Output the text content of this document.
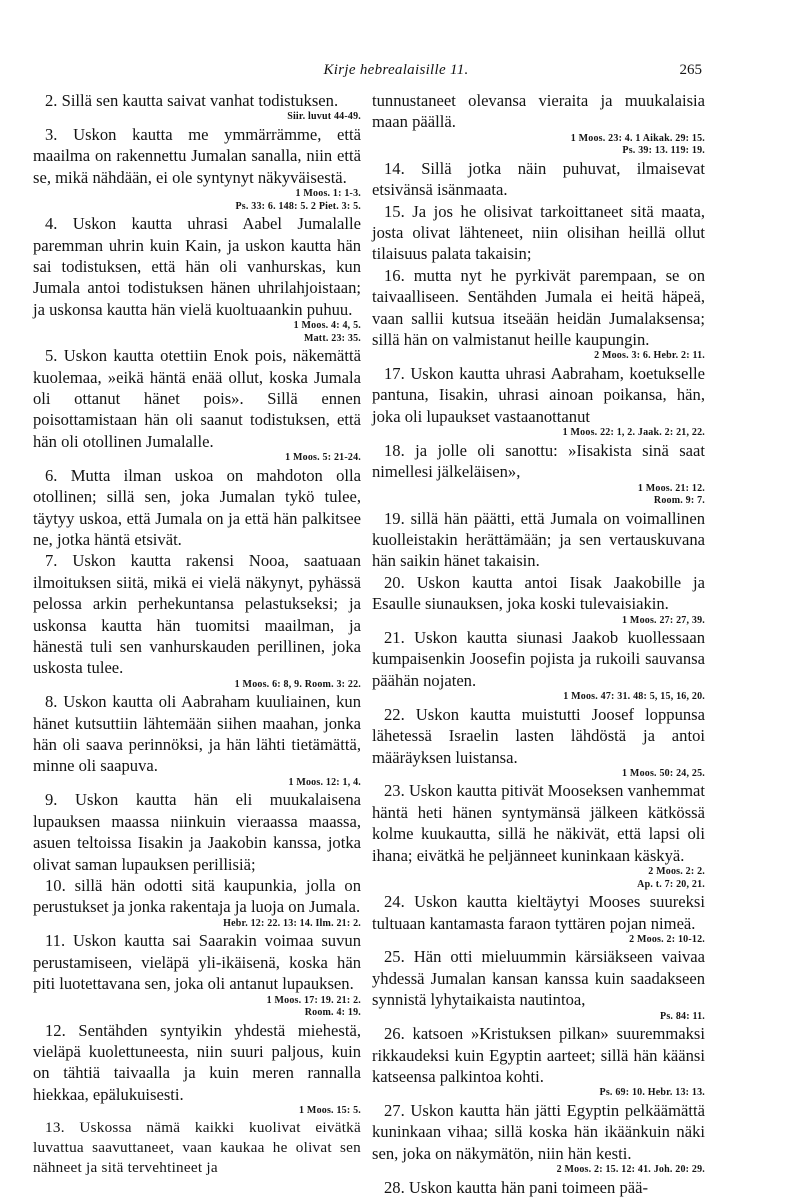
Kirje hebrealaisille 11.	265

2. Sillä sen kautta saivat vanhat todistuksen.
Siir. luvut 44-49.

3. Uskon kautta me ymmärrämme, että maailma on rakennettu Jumalan sanalla, niin että se, mikä nähdään, ei ole syntynyt näkyväisestä.
1 Moos. 1: 1-3.
Ps. 33: 6. 148: 5. 2 Piet. 3: 5.

4. Uskon kautta uhrasi Aabel Jumalalle paremman uhrin kuin Kain, ja uskon kautta hän sai todistuksen, että hän oli vanhurskas, kun Jumala antoi todistuksen hänen uhrilahjoistaan; ja uskonsa kautta hän vielä kuoltuaankin puhuu.
1 Moos. 4: 4, 5.
Matt. 23: 35.

5. Uskon kautta otettiin Enok pois, näkemättä kuolemaa, »eikä häntä enää ollut, koska Jumala oli ottanut hänet pois». Sillä ennen poisottamistaan hän oli saanut todistuksen, että hän oli otollinen Jumalalle.
1 Moos. 5: 21-24.

6. Mutta ilman uskoa on mahdoton olla otollinen; sillä sen, joka Jumalan tykö tulee, täytyy uskoa, että Jumala on ja että hän palkitsee ne, jotka häntä etsivät.

7. Uskon kautta rakensi Nooa, saatuaan ilmoituksen siitä, mikä ei vielä näkynyt, pyhässä pelossa arkin perhekuntansa pelastukseksi; ja uskonsa kautta hän tuomitsi maailman, ja hänestä tuli sen vanhurskauden perillinen, joka uskosta tulee.
1 Moos. 6: 8, 9. Room. 3: 22.

8. Uskon kautta oli Aabraham kuuliainen, kun hänet kutsuttiin lähtemään siihen maahan, jonka hän oli saava perinnöksi, ja hän lähti tietämättä, minne oli saapuva.
1 Moos. 12: 1, 4.

9. Uskon kautta hän eli muukalaisena lupauksen maassa niinkuin vieraassa maassa, asuen teltoissa Iisakin ja Jaakobin kanssa, jotka olivat saman lupauksen perillisiä;

10. sillä hän odotti sitä kaupunkia, jolla on perustukset ja jonka rakentaja ja luoja on Jumala.
Hebr. 12: 22. 13: 14. Ilm. 21: 2.

11. Uskon kautta sai Saarakin voimaa suvun perustamiseen, vieläpä yli-ikäisenä, koska hän piti luotettavana sen, joka oli antanut lupauksen.
1 Moos. 17: 19. 21: 2.
Room. 4: 19.

12. Sentähden syntyikin yhdestä miehestä, vieläpä kuolettuneesta, niin suuri paljous, kuin on tähtiä taivaalla ja kuin meren rannalla hiekkaa, epälukuisesti.
1 Moos. 15: 5.

13. Uskossa nämä kaikki kuolivat eivätkä luvattua saavuttaneet, vaan kaukaa he olivat sen nähneet ja sitä tervehtineet ja

tunnustaneet olevansa vieraita ja muukalaisia maan päällä.
1 Moos. 23: 4. 1 Aikak. 29: 15.
Ps. 39: 13. 119: 19.

14. Sillä jotka näin puhuvat, ilmaisevat etsivänsä isänmaata.

15. Ja jos he olisivat tarkoittaneet sitä maata, josta olivat lähteneet, niin olisihan heillä ollut tilaisuus palata takaisin;

16. mutta nyt he pyrkivät parempaan, se on taivaalliseen. Sentähden Jumala ei heitä häpeä, vaan sallii kutsua itseään heidän Jumalaksensa; sillä hän on valmistanut heille kaupungin.
2 Moos. 3: 6. Hebr. 2: 11.

17. Uskon kautta uhrasi Aabraham, koetukselle pantuna, Iisakin, uhrasi ainoan poikansa, hän, joka oli lupaukset vastaanottanut
1 Moos. 22: 1, 2. Jaak. 2: 21, 22.

18. ja jolle oli sanottu: »Iisakista sinä saat nimellesi jälkeläisen»,
1 Moos. 21: 12.
Room. 9: 7.

19. sillä hän päätti, että Jumala on voimallinen kuolleistakin herättämään; ja sen vertauskuvana hän saikin hänet takaisin.

20. Uskon kautta antoi Iisak Jaakobille ja Esaulle siunauksen, joka koski tulevaisiakin.
1 Moos. 27: 27, 39.

21. Uskon kautta siunasi Jaakob kuollessaan kumpaisenkin Joosefin pojista ja rukoili sauvansa päähän nojaten.
1 Moos. 47: 31. 48: 5, 15, 16, 20.

22. Uskon kautta muistutti Joosef loppunsa lähetessä Israelin lasten lähdöstä ja antoi määräyksen luistansa.
1 Moos. 50: 24, 25.

23. Uskon kautta pitivät Mooseksen vanhemmat häntä heti hänen syntymänsä jälkeen kätkössä kolme kuukautta, sillä he näkivät, että lapsi oli ihana; eivätkä he peljänneet kuninkaan käskyä.
2 Moos. 2: 2.
Ap. t. 7: 20, 21.

24. Uskon kautta kieltäytyi Mooses suureksi tultuaan kantamasta faraon tyttären pojan nimeä.
2 Moos. 2: 10-12.

25. Hän otti mieluummin kärsiäkseen vaivaa yhdessä Jumalan kansan kanssa kuin saadakseen synnistä lyhytaikaista nautintoa,
Ps. 84: 11.

26. katsoen »Kristuksen pilkan» suuremmaksi rikkaudeksi kuin Egyptin aarteet; sillä hän käänsi katseensa palkintoa kohti.
Ps. 69: 10. Hebr. 13: 13.

27. Uskon kautta hän jätti Egyptin pelkäämättä kuninkaan vihaa; sillä koska hän ikäänkuin näki sen, joka on näkymätön, niin hän kesti.
2 Moos. 2: 15. 12: 41. Joh. 20: 29.

28. Uskon kautta hän pani toimeen pää-
